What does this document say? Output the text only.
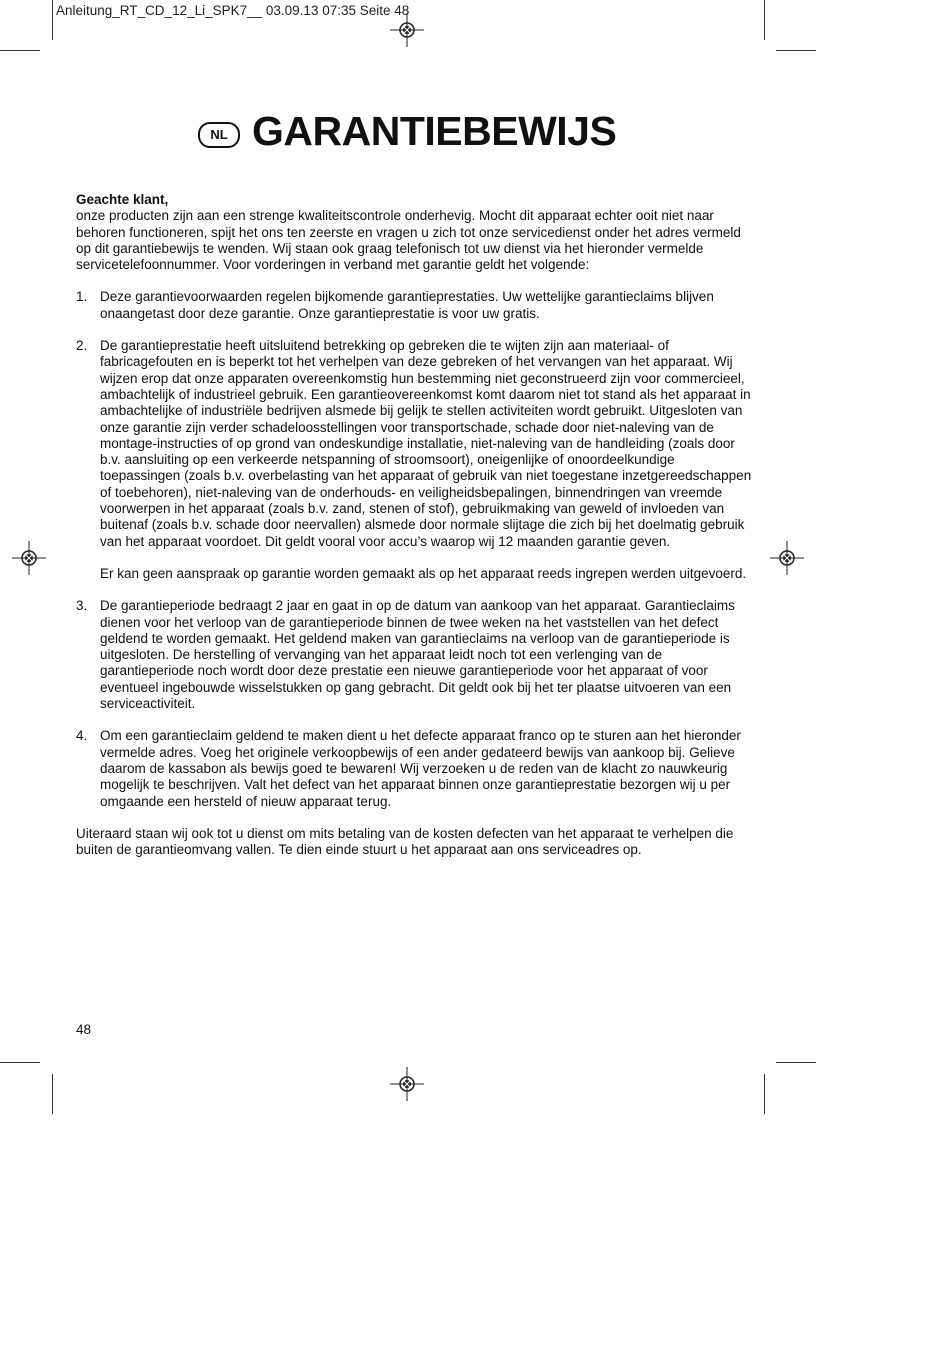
Anleitung_RT_CD_12_Li_SPK7__ 03.09.13 07:35 Seite 48
NL GARANTIEBEWIJS

Geachte klant,

onze producten zijn aan een strenge kwaliteitscontrole onderhevig. Mocht dit apparaat echter ooit niet naar behoren functioneren, spijt het ons ten zeerste en vragen u zich tot onze servicedienst onder het adres vermeld op dit garantiebewijs te wenden. Wij staan ook graag telefonisch tot uw dienst via het hieronder vermelde servicetelefoonnummer. Voor vorderingen in verband met garantie geldt het volgende:

1. Deze garantievoorwaarden regelen bijkomende garantieprestaties. Uw wettelijke garantieclaims blijven onaangetast door deze garantie. Onze garantieprestatie is voor uw gratis.

2. De garantieprestatie heeft uitsluitend betrekking op gebreken die te wijten zijn aan materiaal- of fabricagefouten en is beperkt tot het verhelpen van deze gebreken of het vervangen van het apparaat. Wij wijzen erop dat onze apparaten overeenkomstig hun bestemming niet geconstrueerd zijn voor commercieel, ambachtelijk of industrieel gebruik. Een garantieovereenkomst komt daarom niet tot stand als het apparaat in ambachtelijke of industriële bedrijven alsmede bij gelijk te stellen activiteiten wordt gebruikt. Uitgesloten van onze garantie zijn verder schadeloosstellingen voor transportschade, schade door niet-naleving van de montage-instructies of op grond van ondeskundige installatie, niet-naleving van de handleiding (zoals door b.v. aansluiting op een verkeerde netspanning of stroomsoort), oneigenlijke of onoordeelkundige toepassingen (zoals b.v. overbelasting van het apparaat of gebruik van niet toegestane inzetgereedschappen of toebehoren), niet-naleving van de onderhouds- en veiligheidsbepalingen, binnendringen van vreemde voorwerpen in het apparaat (zoals b.v. zand, stenen of stof), gebruikmaking van geweld of invloeden van buitenaf (zoals b.v. schade door neervallen) alsmede door normale slijtage die zich bij het doelmatig gebruik van het apparaat voordoet. Dit geldt vooral voor accu’s waarop wij 12 maanden garantie geven.

Er kan geen aanspraak op garantie worden gemaakt als op het apparaat reeds ingrepen werden uitgevoerd.

3. De garantieperiode bedraagt 2 jaar en gaat in op de datum van aankoop van het apparaat. Garantieclaims dienen voor het verloop van de garantieperiode binnen de twee weken na het vaststellen van het defect geldend te worden gemaakt. Het geldend maken van garantieclaims na verloop van de garantieperiode is uitgesloten. De herstelling of vervanging van het apparaat leidt noch tot een verlenging van de garantieperiode noch wordt door deze prestatie een nieuwe garantieperiode voor het apparaat of voor eventueel ingebouwde wisselstukken op gang gebracht. Dit geldt ook bij het ter plaatse uitvoeren van een serviceactiviteit.

4. Om een garantieclaim geldend te maken dient u het defecte apparaat franco op te sturen aan het hieronder vermelde adres. Voeg het originele verkoopbewijs of een ander gedateerd bewijs van aankoop bij. Gelieve daarom de kassabon als bewijs goed te bewaren! Wij verzoeken u de reden van de klacht zo nauwkeurig mogelijk te beschrijven. Valt het defect van het apparaat binnen onze garantieprestatie bezorgen wij u per omgaande een hersteld of nieuw apparaat terug.

Uiteraard staan wij ook tot u dienst om mits betaling van de kosten defecten van het apparaat te verhelpen die buiten de garantieomvang vallen. Te dien einde stuurt u het apparaat aan ons serviceadres op.

48
